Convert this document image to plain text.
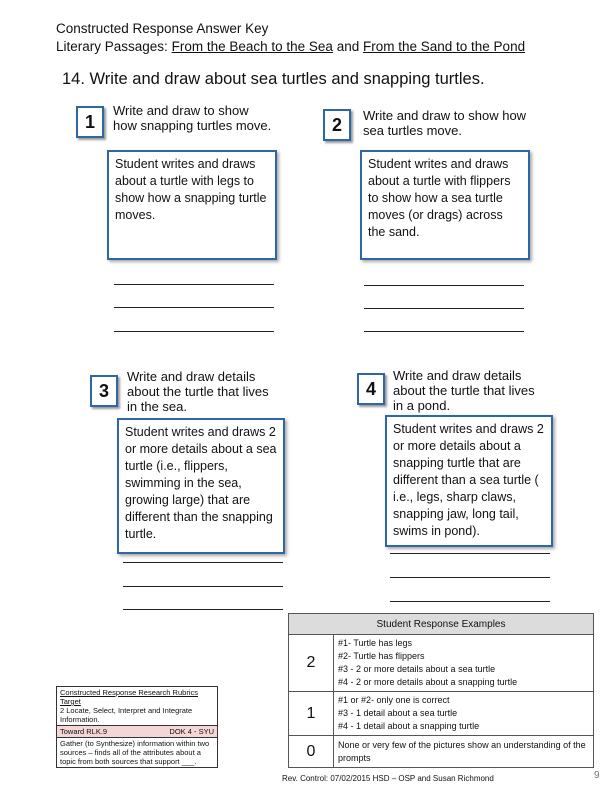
Constructed Response Answer Key
Literary Passages: From the Beach to the Sea and From the Sand to the Pond
14. Write and draw about sea turtles and snapping turtles.
1
Write and draw to show how snapping turtles move.
Student writes and draws about a turtle with legs to show how a snapping turtle moves.
2	Write and draw to show how sea turtles move.
Student writes and draws about a turtle with flippers to show how a sea turtle moves (or drags) across the sand.
3
Write and draw details about the turtle that lives in the sea.
Student writes and draws 2 or more details about a sea turtle (i.e., flippers, swimming in the sea, growing large) that are different than the snapping turtle.
4
Write and draw details about the turtle that lives in a pond.
Student writes and draws 2 or more details about a snapping turtle that are different than a sea turtle ( i.e., legs, sharp claws, snapping jaw, long tail, swims in pond).
Student Response Examples	
2	#1- Turtle has legs
#2- Turtle has flippers
#3 - 2 or more details about a sea turtle
#4 - 2 or more details about a snapping turtle

1	#1 or #2- only one is correct
#3 - 1 detail about a sea turtle
#4 - 1 detail about a snapping turtle

0	None or very few of the pictures show an understanding of the prompts
Constructed Response Research Rubrics Target
2 Locate, Select, Interpret and Integrate Information.
Toward RLK.9	DOK 4 - SYU
Gather (to Synthesize) information within two sources – finds all of the attributes about a topic from both sources that support ___.
Rev. Control: 07/02/2015 HSD – OSP and Susan Richmond	9
